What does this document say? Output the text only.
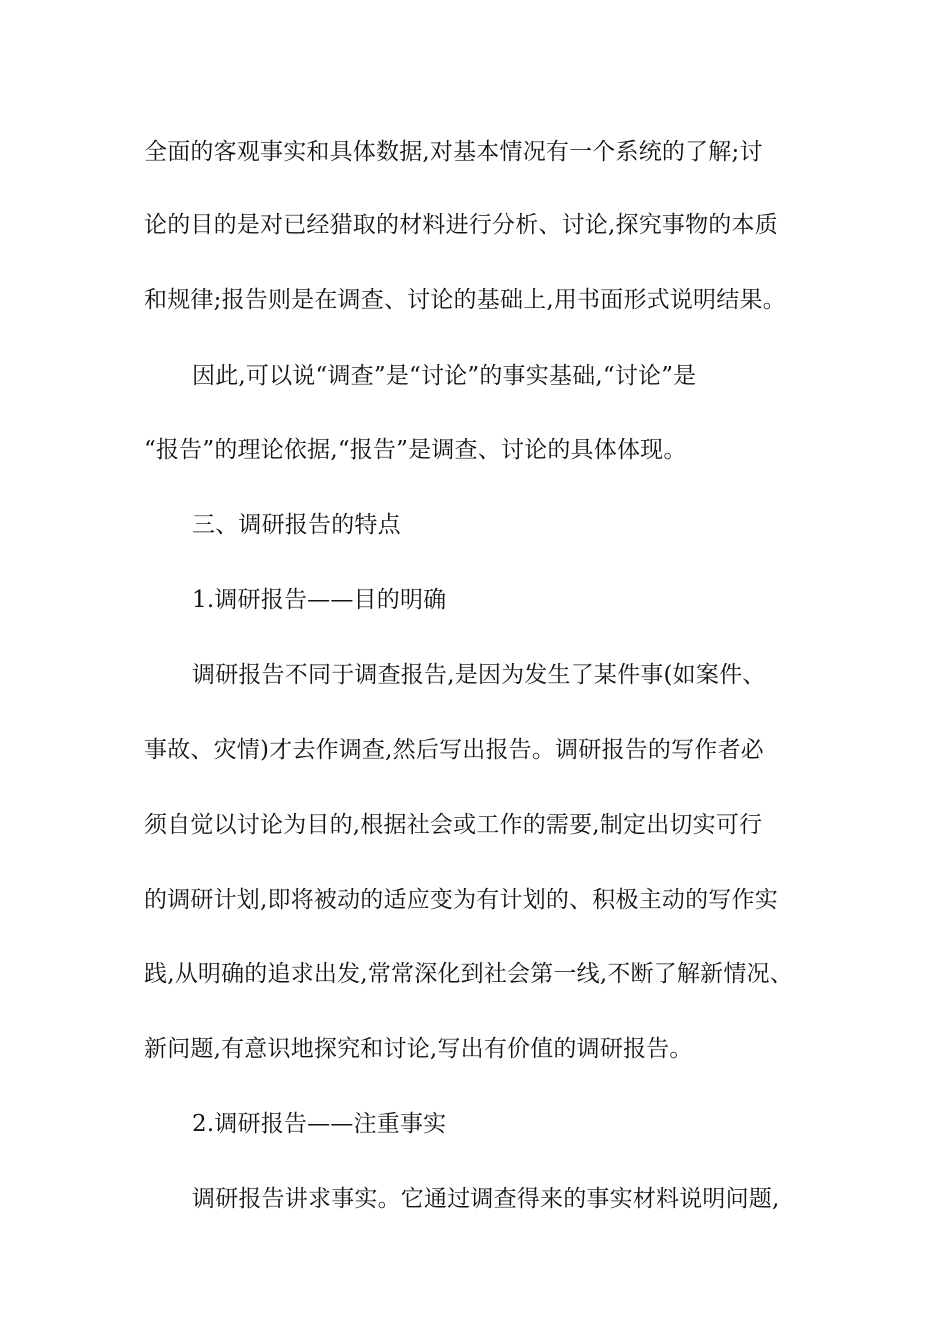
全面的客观事实和具体数据,对基本情况有一个系统的了解;讨
论的目的是对已经猎取的材料进行分析、讨论,探究事物的本质
和规律;报告则是在调查、讨论的基础上,用书面形式说明结果。
因此,可以说“调查”是“讨论”的事实基础,“讨论”是
“报告”的理论依据,“报告”是调查、讨论的具体体现。
三、调研报告的特点
1.调研报告——目的明确
调研报告不同于调查报告,是因为发生了某件事(如案件、
事故、灾情)才去作调查,然后写出报告。调研报告的写作者必
须自觉以讨论为目的,根据社会或工作的需要,制定出切实可行
的调研计划,即将被动的适应变为有计划的、积极主动的写作实
践,从明确的追求出发,常常深化到社会第一线,不断了解新情况、
新问题,有意识地探究和讨论,写出有价值的调研报告。
2.调研报告——注重事实
调研报告讲求事实。它通过调查得来的事实材料说明问题,
